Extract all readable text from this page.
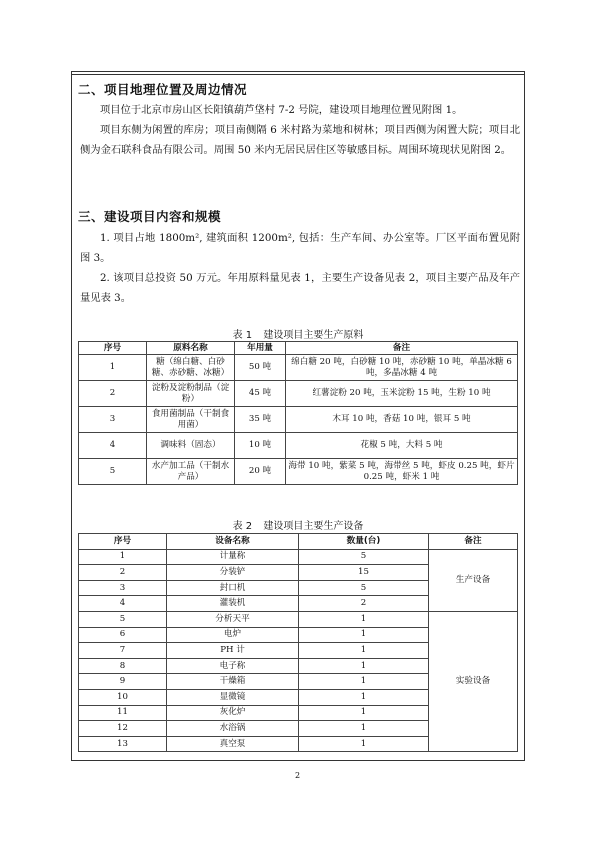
二、项目地理位置及周边情况

项目位于北京市房山区长阳镇葫芦垡村 7-2 号院，建设项目地理位置见附图 1。

项目东侧为闲置的库房；项目南侧隔 6 米村路为菜地和树林；项目西侧为闲置大院；项目北侧为金石联科食品有限公司。周围 50 米内无居民居住区等敏感目标。周围环境现状见附图 2。

三、建设项目内容和规模

1. 项目占地 1800m², 建筑面积 1200m², 包括：生产车间、办公室等。厂区平面布置见附图 3。

2. 该项目总投资 50 万元。年用原料量见表 1，主要生产设备见表 2，项目主要产品及年产量见表 3。

表 1 建设项目主要生产原料
序号	原料名称	年用量	备注
1	糖（绵白糖、白砂糖、赤砂糖、冰糖）	50 吨	绵白糖 20 吨，白砂糖 10 吨，赤砂糖 10 吨，单晶冰糖 6 吨，多晶冰糖 4 吨
2	淀粉及淀粉制品（淀粉）	45 吨	红薯淀粉 20 吨，玉米淀粉 15 吨，生粉 10 吨
3	食用菌制品（干制食用菌）	35 吨	木耳 10 吨，香菇 10 吨，银耳 5 吨
4	调味料（固态）	10 吨	花椒 5 吨，大料 5 吨
5	水产加工品（干制水产品）	20 吨	海带 10 吨，紫菜 5 吨，海带丝 5 吨，虾皮 0.25 吨，虾片 0.25 吨，虾米 1 吨
表 2 建设项目主要生产设备
序号	设备名称	数量(台)	备注
1	计量称	5	生产设备
2	分装铲	15	
3	封口机	5	
4	灌装机	2	
5	分析天平	1	实验设备
6	电炉	1	
7	PH 计	1	
8	电子称	1	
9	干燥箱	1	
10	显微镜	1	
11	灰化炉	1	
12	水浴锅	1	
13	真空泵	1	
2
